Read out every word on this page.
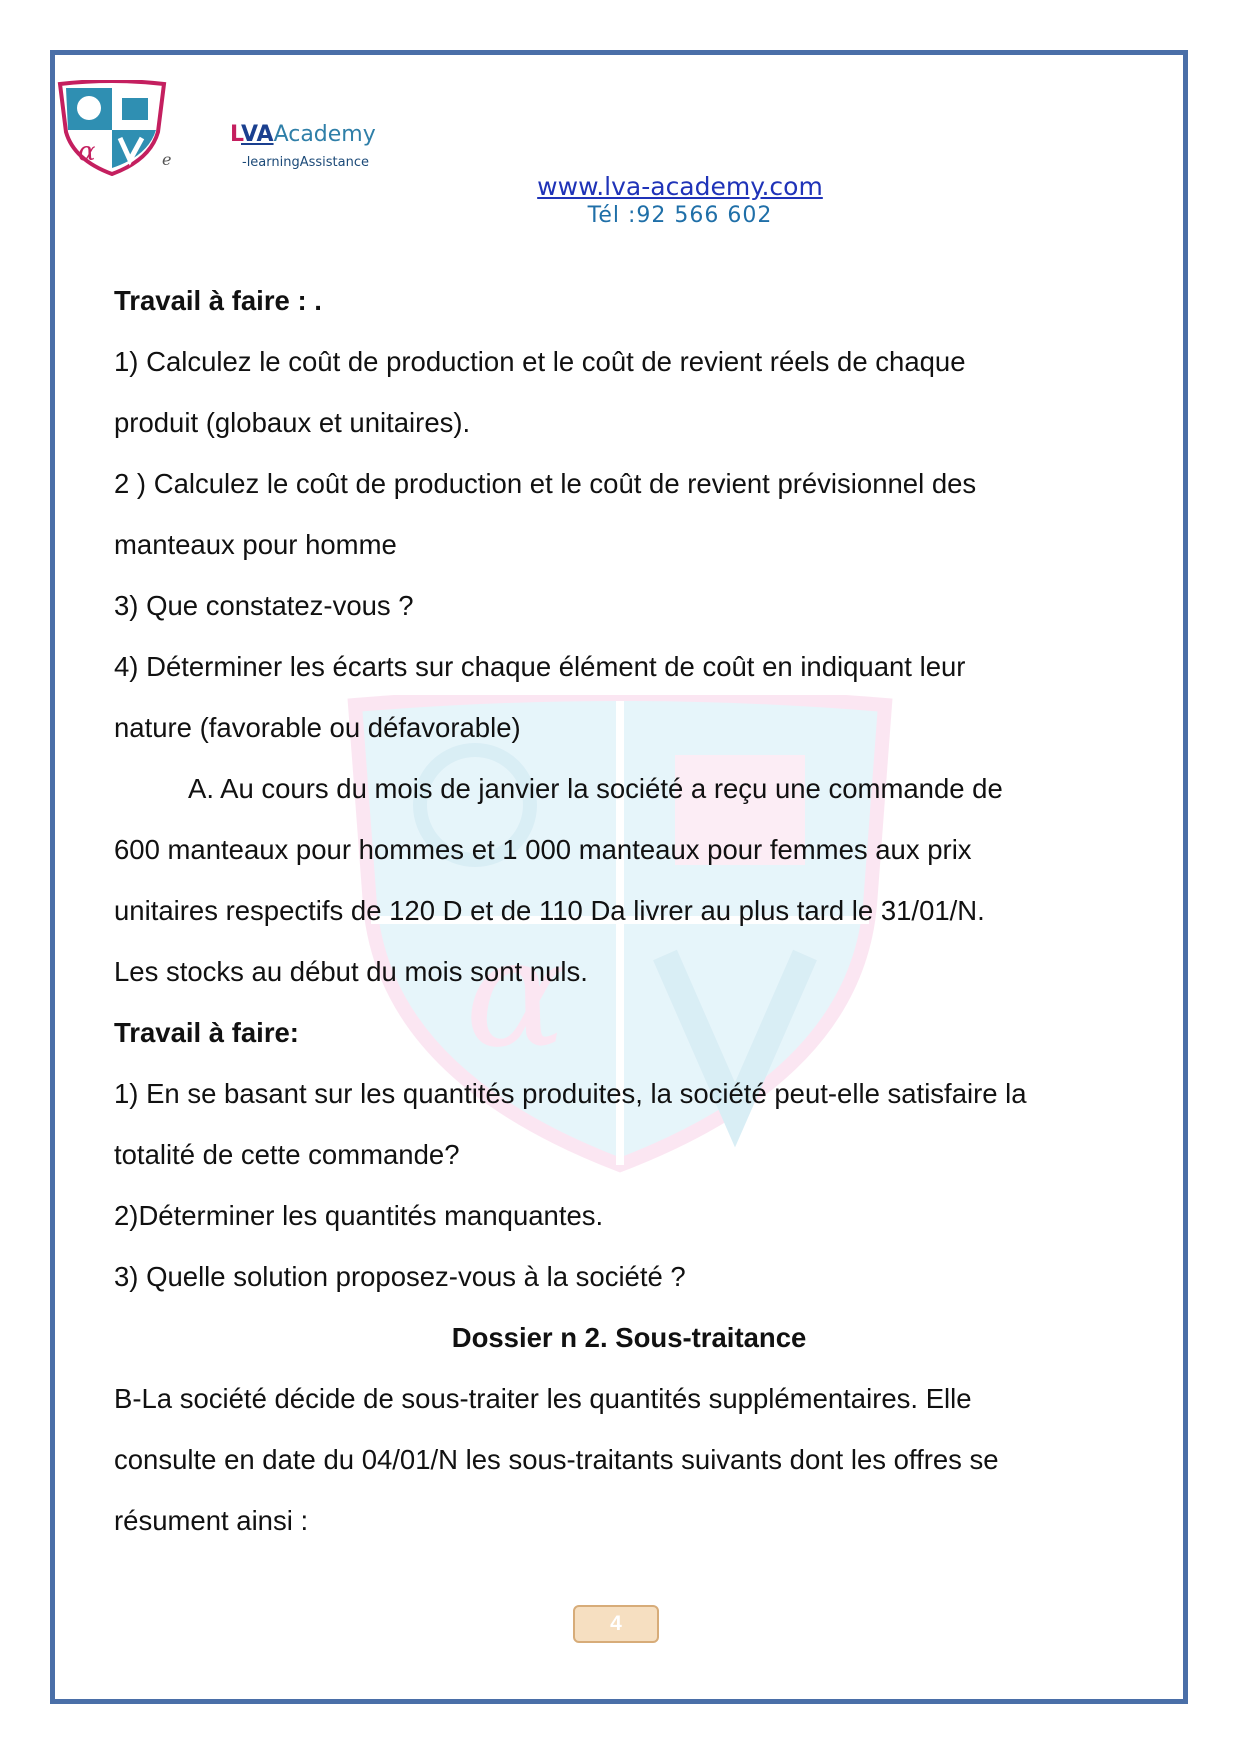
α
α	e
LVAAcademy
-learningAssistance
www.lva-academy.com
Tél :92 566 602
Travail à faire : .
1) Calculez le coût de production et le coût de revient réels de chaque
produit (globaux et unitaires).
2 ) Calculez le coût de production et le coût de revient prévisionnel des
manteaux pour homme
3) Que constatez-vous ?
4) Déterminer les écarts sur chaque élément de coût en indiquant leur
nature (favorable ou défavorable)
A. Au cours du mois de janvier la société a reçu une commande de
600 manteaux pour hommes et 1 000 manteaux pour femmes aux prix
unitaires respectifs de 120 D et de 110 Da livrer au plus tard le 31/01/N.
Les stocks au début du mois sont nuls.
Travail à faire:
1) En se basant sur les quantités produites, la société peut-elle satisfaire la
totalité de cette commande?
2)Déterminer les quantités manquantes.
3) Quelle solution proposez-vous à la société ?
Dossier n 2. Sous-traitance
B-La société décide de sous-traiter les quantités supplémentaires. Elle
consulte en date du 04/01/N les sous-traitants suivants dont les offres se
résument ainsi :
4
